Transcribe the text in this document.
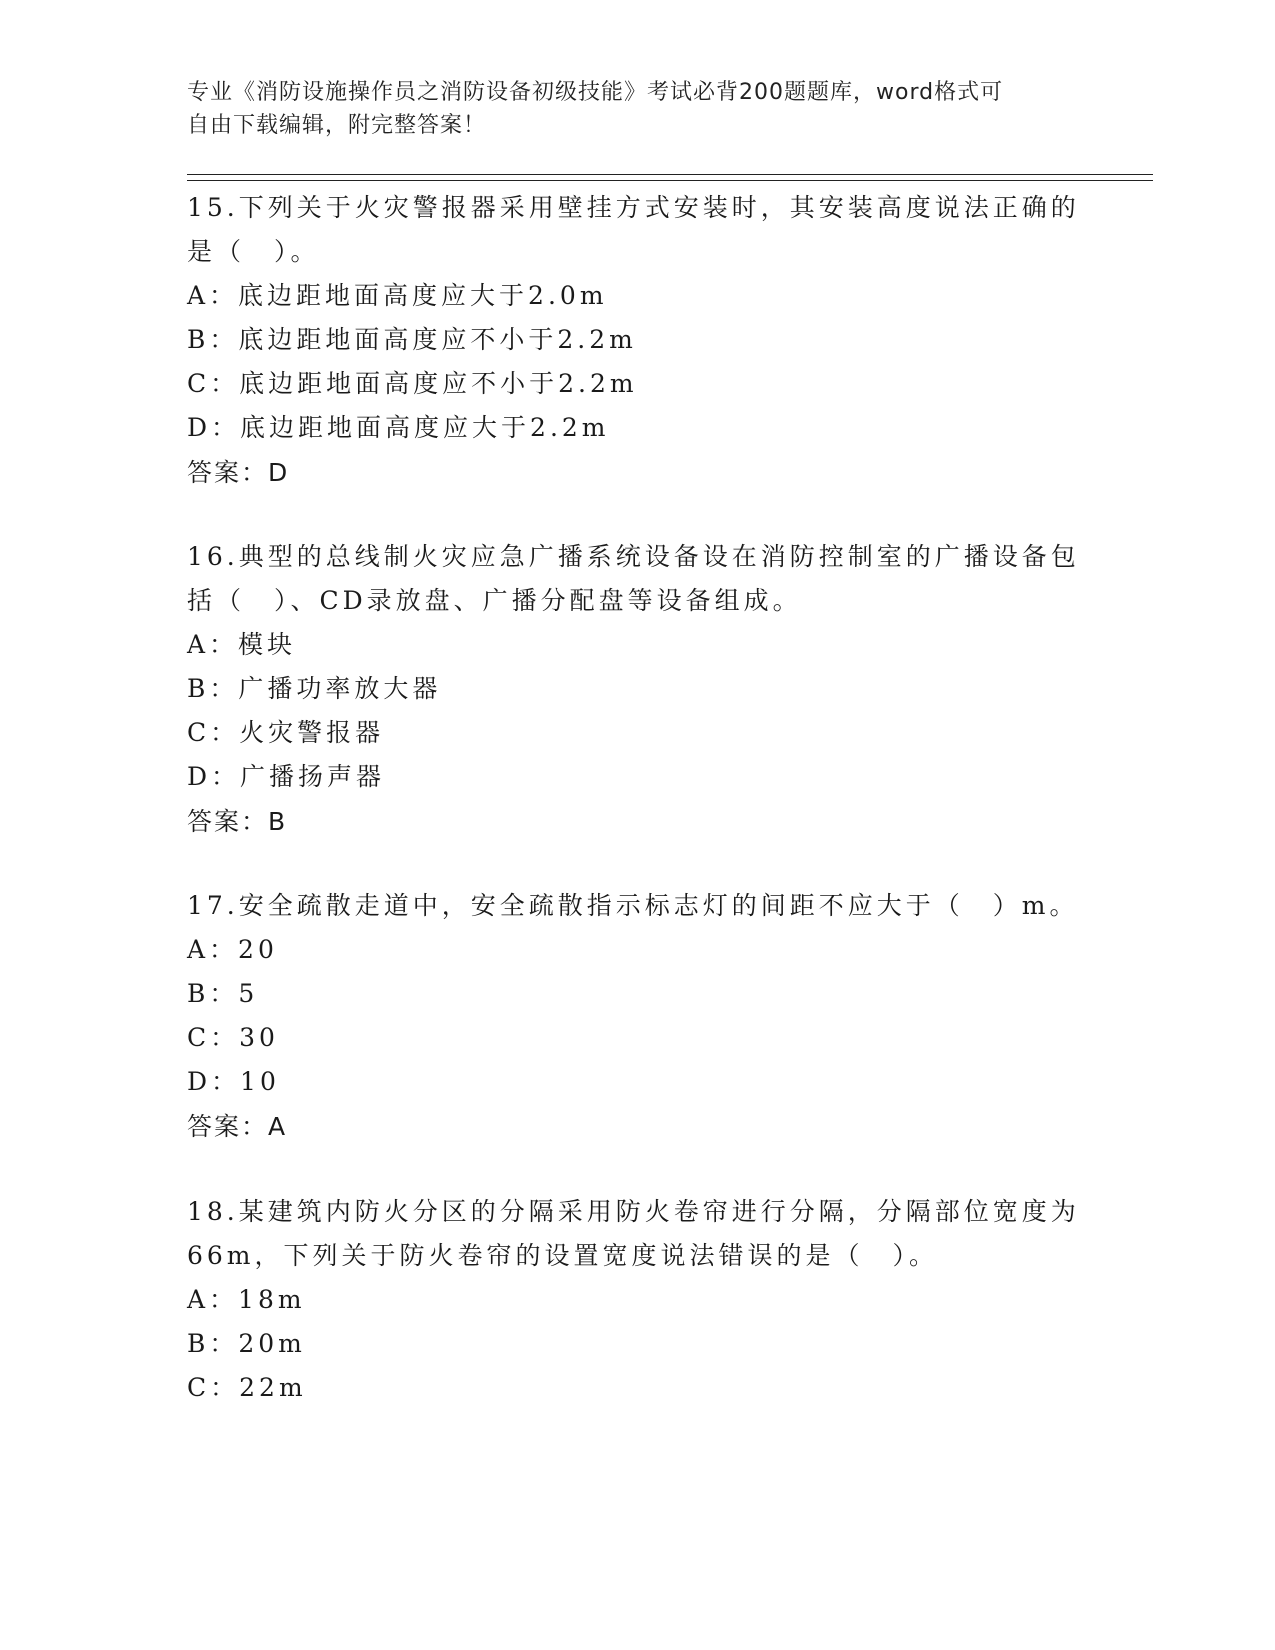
专业《消防设施操作员之消防设备初级技能》考试必背200题题库，word格式可
自由下载编辑，附完整答案！

15.下列关于火灾警报器采用壁挂方式安装时，其安装高度说法正确的

是（　）。

A：底边距地面高度应大于2.0m

B：底边距地面高度应不小于2.2m

C：底边距地面高度应不小于2.2m

D：底边距地面高度应大于2.2m

答案：D

16.典型的总线制火灾应急广播系统设备设在消防控制室的广播设备包

括（　）、CD录放盘、广播分配盘等设备组成。

A：模块

B：广播功率放大器

C：火灾警报器

D：广播扬声器

答案：B

17.安全疏散走道中，安全疏散指示标志灯的间距不应大于（　）m。

A：20

B：5

C：30

D：10

答案：A

18.某建筑内防火分区的分隔采用防火卷帘进行分隔，分隔部位宽度为

66m，下列关于防火卷帘的设置宽度说法错误的是（　）。

A：18m

B：20m

C：22m
